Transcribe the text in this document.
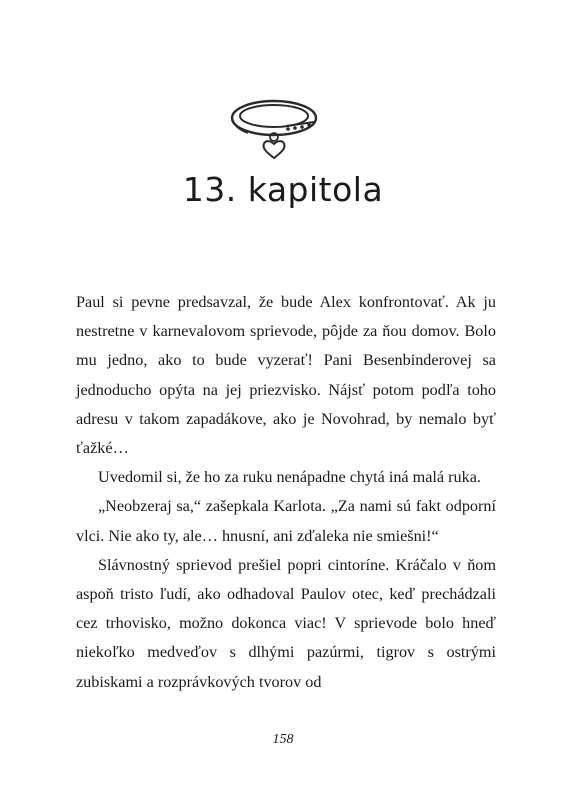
13. kapitola

Paul si pevne predsavzal, že bude Alex konfrontovať. Ak ju nestretne v karnevalovom sprievode, pôjde za ňou domov. Bolo mu jedno, ako to bude vyzerať! Pani Besenbinderovej sa jednoducho opýta na jej priezvisko. Nájsť potom podľa toho adresu v takom zapadákove, ako je Novohrad, by nemalo byť ťažké…

Uvedomil si, že ho za ruku nenápadne chytá iná malá ruka.

„Neobzeraj sa,“ zašepkala Karlota. „Za nami sú fakt odporní vlci. Nie ako ty, ale… hnusní, ani zďaleka nie smiešni!“

Slávnostný sprievod prešiel popri cintoríne. Kráčalo v ňom aspoň tristo ľudí, ako odhadoval Paulov otec, keď prechádzali cez trhovisko, možno dokonca viac! V sprievode bolo hneď niekoľko medveďov s dlhými pazúrmi, tigrov s ostrými zubiskami a rozprávkových tvorov od

158
